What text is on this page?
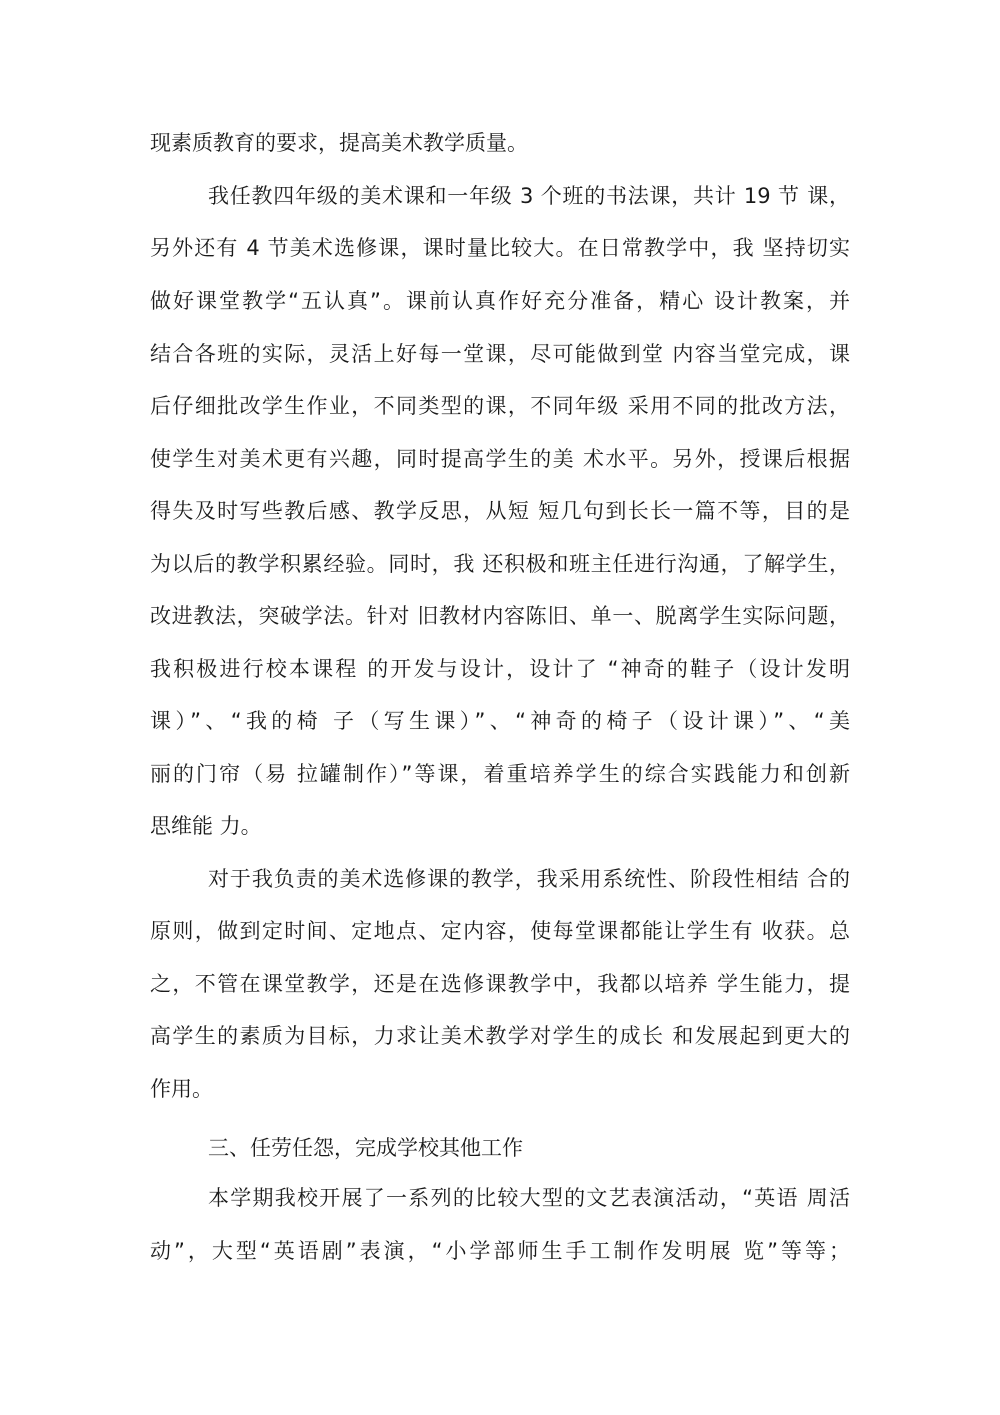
现素质教育的要求，提高美术教学质量。
我任教四年级的美术课和一年级 3 个班的书法课，共计 19 节 课，
另外还有 4 节美术选修课，课时量比较大。在日常教学中，我 坚持切实
做好课堂教学“五认真”。课前认真作好充分准备，精心 设计教案，并
结合各班的实际，灵活上好每一堂课，尽可能做到堂 内容当堂完成，课
后仔细批改学生作业，不同类型的课，不同年级 采用不同的批改方法，
使学生对美术更有兴趣，同时提高学生的美 术水平。另外，授课后根据
得失及时写些教后感、教学反思，从短 短几句到长长一篇不等，目的是
为以后的教学积累经验。同时，我 还积极和班主任进行沟通，了解学生，
改进教法，突破学法。针对 旧教材内容陈旧、单一、脱离学生实际问题，
我积极进行校本课程 的开发与设计，设计了 “神奇的鞋子（设计发明
课）”、“我的椅 子（写生课）”、“神奇的椅子（设计课）”、“美
丽的门帘（易 拉罐制作）”等课，着重培养学生的综合实践能力和创新
思维能 力。
对于我负责的美术选修课的教学，我采用系统性、阶段性相结 合的
原则，做到定时间、定地点、定内容，使每堂课都能让学生有 收获。总
之，不管在课堂教学，还是在选修课教学中，我都以培养 学生能力，提
高学生的素质为目标，力求让美术教学对学生的成长 和发展起到更大的
作用。
三、任劳任怨，完成学校其他工作
本学期我校开展了一系列的比较大型的文艺表演活动，“英语 周活
动”，大型“英语剧”表演，“小学部师生手工制作发明展 览”等等；
